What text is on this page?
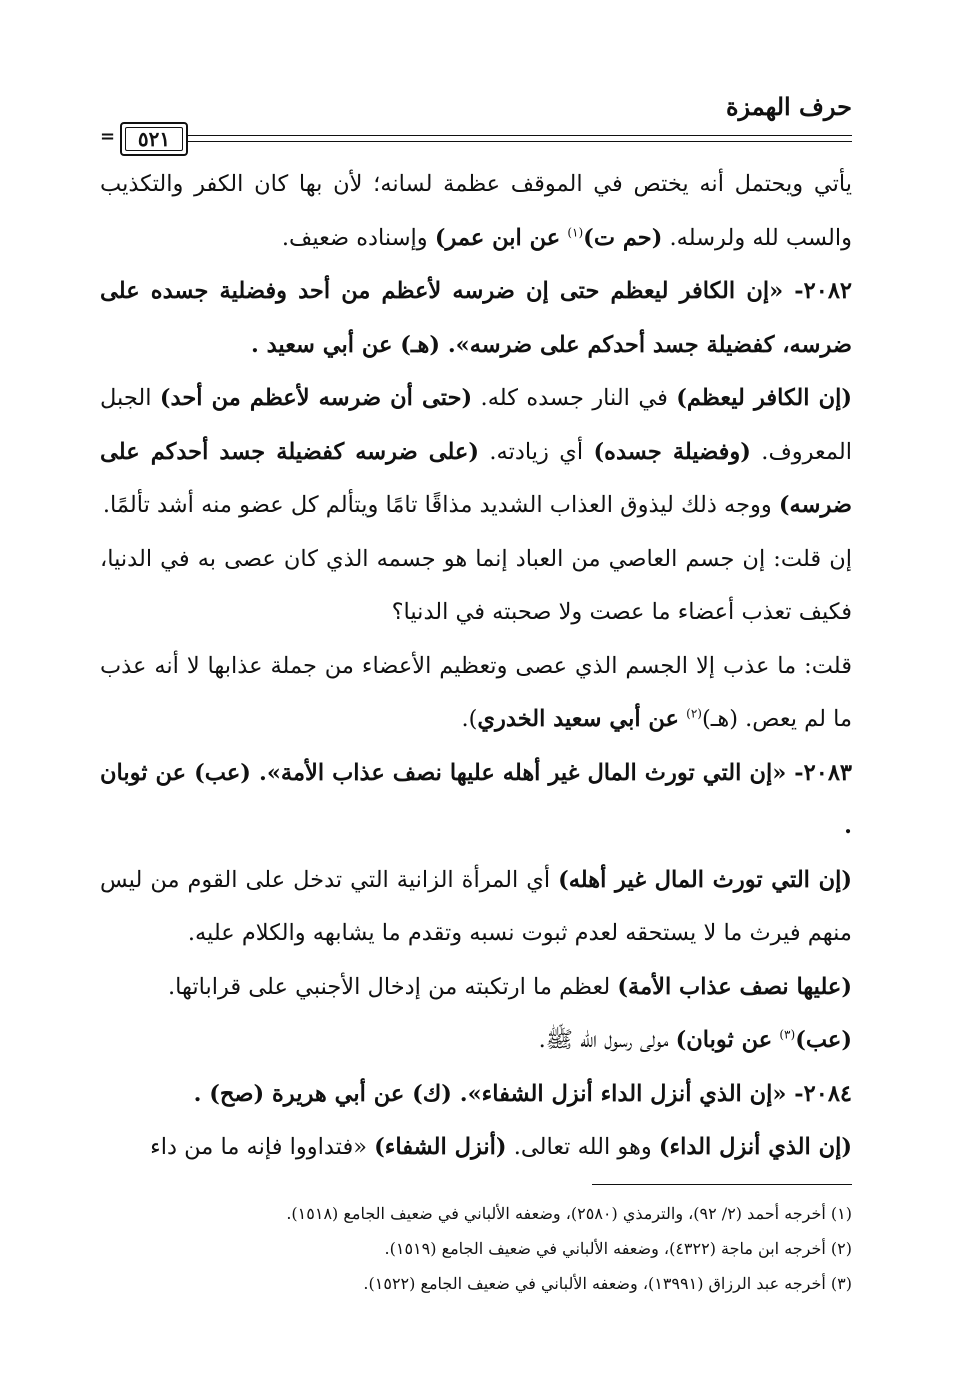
حرف الهمزة
٥٢١
=

يأتي ويحتمل أنه يختص في الموقف عظمة لسانه؛ لأن بها كان الكفر والتكذيب والسب لله ولرسله. (حم ت)$^{(١)}$ عن ابن عمر) وإسناده ضعيف.

٢٠٨٢- «إن الكافر ليعظم حتى إن ضرسه لأعظم من أحد وفضلية جسده على ضرسه، كفضيلة جسد أحدكم على ضرسه». (هـ) عن أبي سعيد .

(إن الكافر ليعظم) في النار جسده كله. (حتى أن ضرسه لأعظم من أحد) الجبل المعروف. (وفضيلة جسده) أي زيادته. (على ضرسه كفضيلة جسد أحدكم على ضرسه) ووجه ذلك ليذوق العذاب الشديد مذاقًا تامًا ويتألم كل عضو منه أشد تألمًا.

إن قلت: إن جسم العاصي من العباد إنما هو جسمه الذي كان عصى به في الدنيا، فكيف تعذب أعضاء ما عصت ولا صحبته في الدنيا؟

قلت: ما عذب إلا الجسم الذي عصى وتعظيم الأعضاء من جملة عذابها لا أنه عذب ما لم يعص. (هـ)$^{(٢)}$ عن أبي سعيد الخدري).

٢٠٨٣- «إن التي تورث المال غير أهله عليها نصف عذاب الأمة». (عب) عن ثوبان .

(إن التي تورث المال غير أهله) أي المرأة الزانية التي تدخل على القوم من ليس منهم فيرث ما لا يستحقه لعدم ثبوت نسبه وتقدم ما يشابهه والكلام عليه.

(عليها نصف عذاب الأمة) لعظم ما ارتكبته من إدخال الأجنبي على قراباتها.

(عب)$^{(٣)}$ عن ثوبان) مولى رسول الله ﷺ.

٢٠٨٤- «إن الذي أنزل الداء أنزل الشفاء». (ك) عن أبي هريرة (صح) .

(إن الذي أنزل الداء) وهو الله تعالى. (أنزل الشفاء) «فتداووا فإنه ما من داء

(١) أخرجه أحمد (٢/ ٩٢)، والترمذي (٢٥٨٠)، وضعفه الألباني في ضعيف الجامع (١٥١٨).

(٢) أخرجه ابن ماجة (٤٣٢٢)، وضعفه الألباني في ضعيف الجامع (١٥١٩).

(٣) أخرجه عبد الرزاق (١٣٩٩١)، وضعفه الألباني في ضعيف الجامع (١٥٢٢).
